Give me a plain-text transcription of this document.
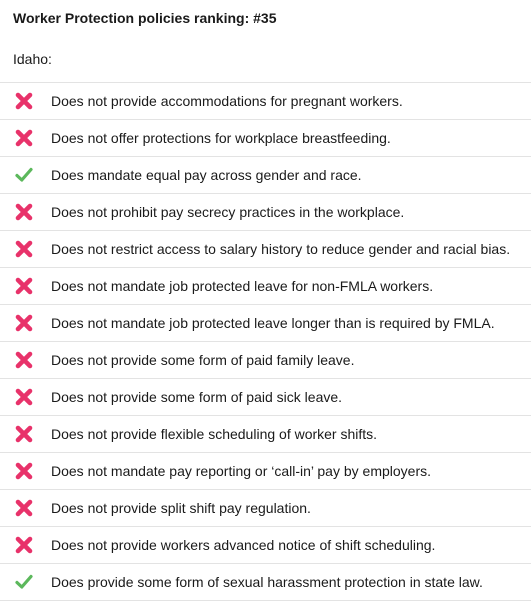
Worker Protection policies ranking: #35
Idaho:
Does not provide accommodations for pregnant workers.
Does not offer protections for workplace breastfeeding.
Does mandate equal pay across gender and race.
Does not prohibit pay secrecy practices in the workplace.
Does not restrict access to salary history to reduce gender and racial bias.
Does not mandate job protected leave for non-FMLA workers.
Does not mandate job protected leave longer than is required by FMLA.
Does not provide some form of paid family leave.
Does not provide some form of paid sick leave.
Does not provide flexible scheduling of worker shifts.
Does not mandate pay reporting or ‘call-in’ pay by employers.
Does not provide split shift pay regulation.
Does not provide workers advanced notice of shift scheduling.
Does provide some form of sexual harassment protection in state law.
